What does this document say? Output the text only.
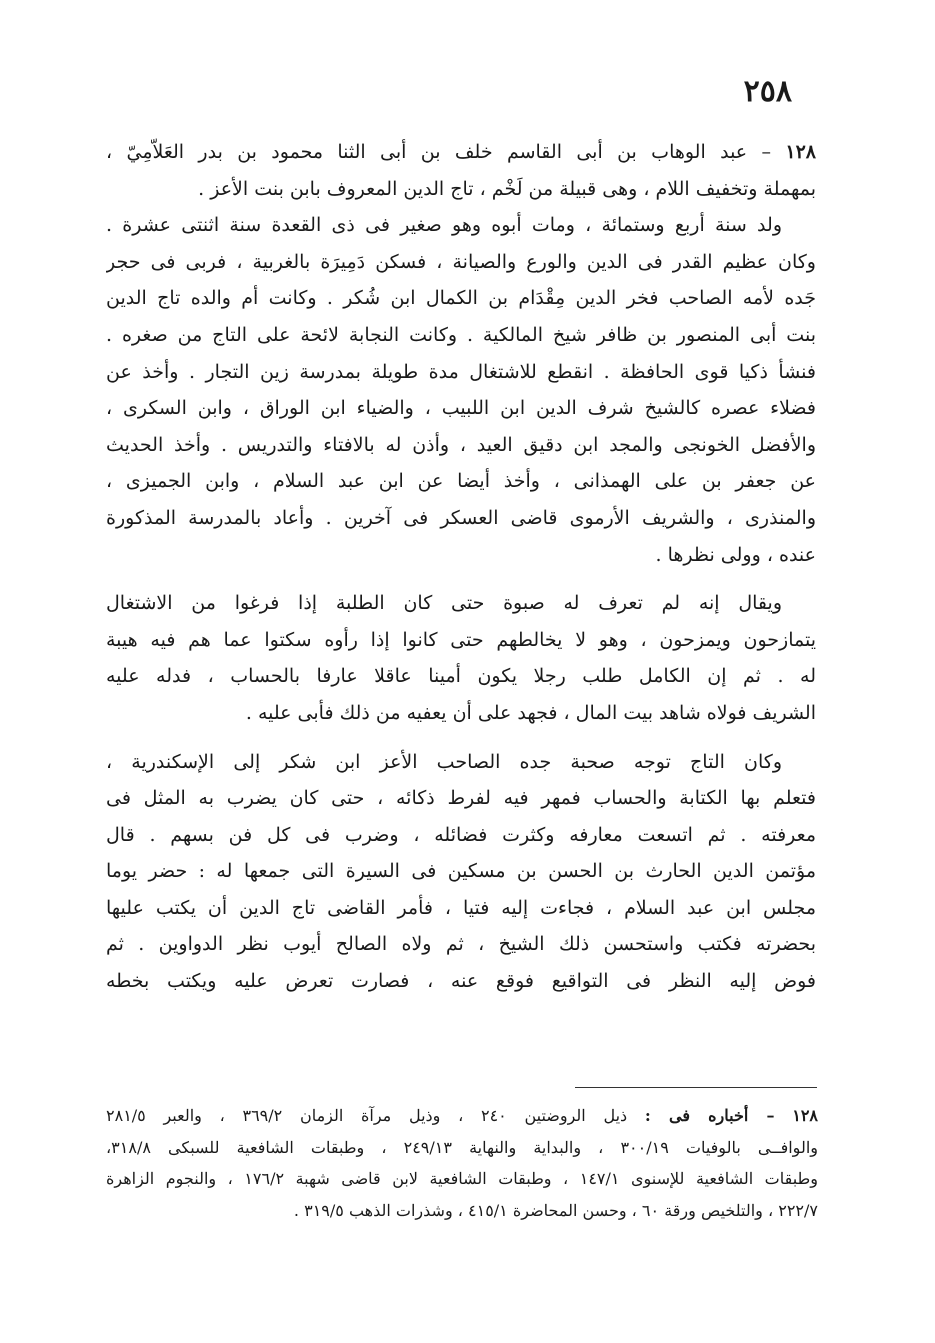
٢٥٨
١٢٨ – عبد الوهاب بن أبى القاسم خلف بن أبى الثنا محمود بن بدر العَلاّمِيّ ،
بمهملة وتخفيف اللام ، وهى قبيلة من لَخْم ، تاج الدين المعروف بابن بنت الأعز .
ولد سنة أربع وستمائة ، ومات أبوه وهو صغير فى ذى القعدة سنة اثنتى عشرة .
وكان عظيم القدر فى الدين والورع والصيانة ، فسكن دَمِيرَة بالغربية ، فربى فى حجر
جَده لأمه الصاحب فخر الدين مِقْدَام بن الكمال ابن شُكر . وكانت أم والده تاج الدين
بنت أبى المنصور بن ظافر شيخ المالكية . وكانت النجابة لائحة على التاج من صغره .
فنشأ ذكيا قوى الحافظة . انقطع للاشتغال مدة طويلة بمدرسة زين التجار . وأخذ عن
فضلاء عصره كالشيخ شرف الدين ابن اللبيب ، والضياء ابن الوراق ، وابن السكرى ،
والأفضل الخونجى والمجد ابن دقيق العيد ، وأذن له بالافتاء والتدريس . وأخذ الحديث
عن جعفر بن على الهمذانى ، وأخذ أيضا عن ابن عبد السلام ، وابن الجميزى ،
والمنذرى ، والشريف الأرموى قاضى العسكر فى آخرين . وأعاد بالمدرسة المذكورة
عنده ، وولى نظرها .
ويقال إنه لم تعرف له صبوة حتى كان الطلبة إذا فرغوا من الاشتغال
يتمازحون ويمزحون ، وهو لا يخالطهم حتى كانوا إذا رأوه سكتوا عما هم فيه هيبة
له . ثم إن الكامل طلب رجلا يكون أمينا عاقلا عارفا بالحساب ، فدله عليه
الشريف فولاه شاهد بيت المال ، فجهد على أن يعفيه من ذلك فأبى عليه .
وكان التاج توجه صحبة جده الصاحب الأعز ابن شكر إلى الإسكندرية ،
فتعلم بها الكتابة والحساب فمهر فيه لفرط ذكائه ، حتى كان يضرب به المثل فى
معرفته . ثم اتسعت معارفه وكثرت فضائله ، وضرب فى كل فن بسهم . قال
مؤتمن الدين الحارث بن الحسن بن مسكين فى السيرة التى جمعها له : حضر يوما
مجلس ابن عبد السلام ، فجاءت إليه فتيا ، فأمر القاضى تاج الدين أن يكتب عليها
بحضرته فكتب واستحسن ذلك الشيخ ، ثم ولاه الصالح أيوب نظر الدواوين . ثم
فوض إليه النظر فى التواقيع فوقع عنه ، فصارت تعرض عليه ويكتب بخطه
١٢٨ – أخباره فى : ذيل الروضتين ٢٤٠ ، وذيل مرآة الزمان ٣٦٩/٢ ، والعبر ٢٨١/٥
والوافــى بالوفيات ٣٠٠/١٩ ، والبداية والنهاية ٢٤٩/١٣ ، وطبقات الشافعية للسبكى ٣١٨/٨،
وطبقات الشافعية للإسنوى ١٤٧/١ ، وطبقات الشافعية لابن قاضى شهبة ١٧٦/٢ ، والنجوم الزاهرة
٢٢٢/٧ ، والتلخيص ورقة ٦٠ ، وحسن المحاضرة ٤١٥/١ ، وشذرات الذهب ٣١٩/٥ .
